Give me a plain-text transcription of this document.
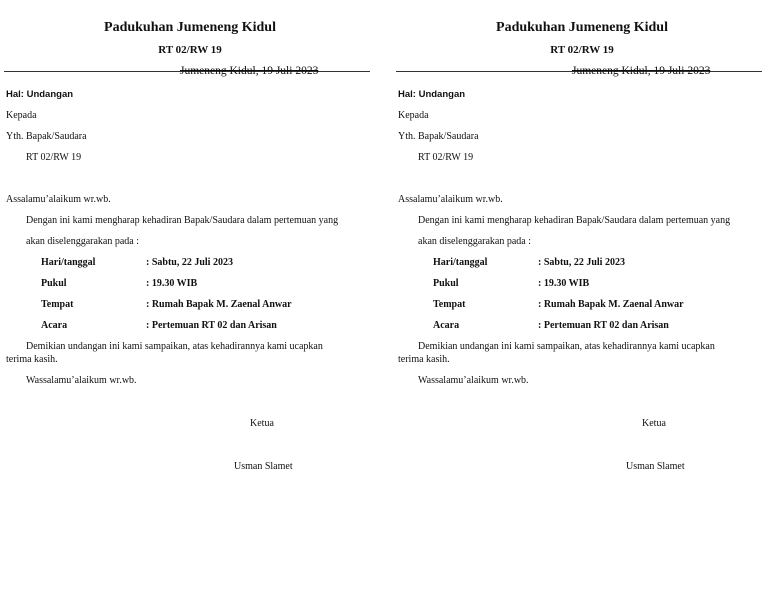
Padukuhan Jumeneng Kidul
RT 02/RW 19
Jumeneng Kidul, 19 Juli 2023
Hal: Undangan
Kepada
Yth. Bapak/Saudara
RT 02/RW 19
Assalamu’alaikum wr.wb.
Dengan ini kami mengharap kehadiran Bapak/Saudara dalam pertemuan yang
akan diselenggarakan pada :
Hari/tanggal	: Sabtu, 22 Juli 2023
Pukul	: 19.30 WIB
Tempat	: Rumah Bapak M. Zaenal Anwar
Acara	: Pertemuan RT 02 dan Arisan
Demikian undangan ini kami sampaikan, atas kehadirannya kami ucapkan
terima kasih.
Wassalamu’alaikum wr.wb.
Ketua
Usman Slamet
Padukuhan Jumeneng Kidul
RT 02/RW 19
Jumeneng Kidul, 19 Juli 2023
Hal: Undangan
Kepada
Yth. Bapak/Saudara
RT 02/RW 19
Assalamu’alaikum wr.wb.
Dengan ini kami mengharap kehadiran Bapak/Saudara dalam pertemuan yang
akan diselenggarakan pada :
Hari/tanggal	: Sabtu, 22 Juli 2023
Pukul	: 19.30 WIB
Tempat	: Rumah Bapak M. Zaenal Anwar
Acara	: Pertemuan RT 02 dan Arisan
Demikian undangan ini kami sampaikan, atas kehadirannya kami ucapkan
terima kasih.
Wassalamu’alaikum wr.wb.
Ketua
Usman Slamet
